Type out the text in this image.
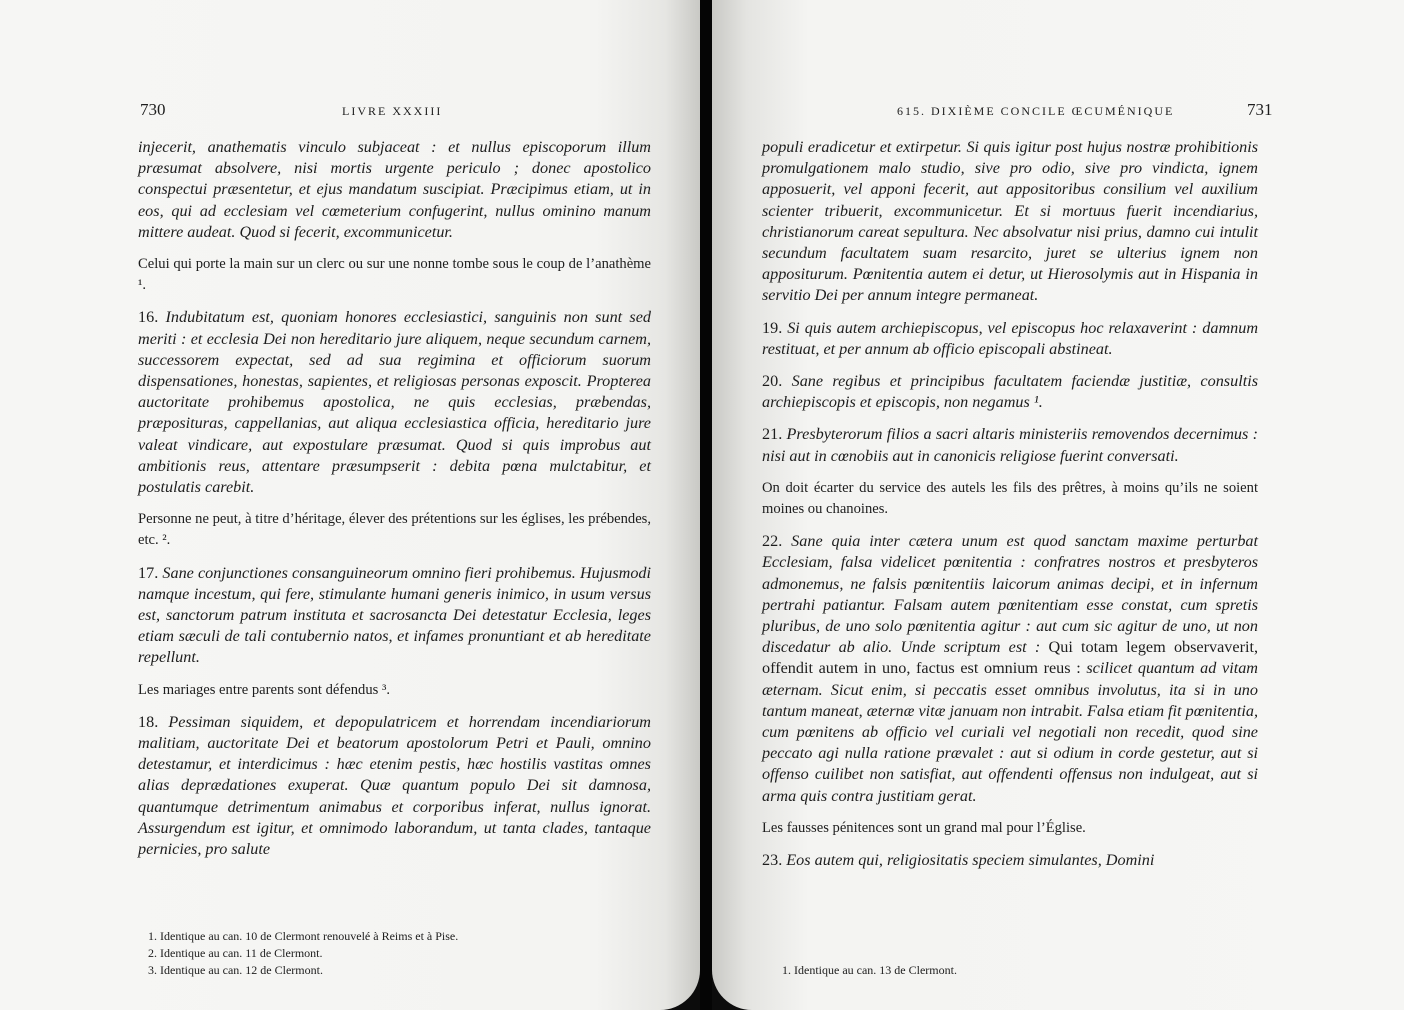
730	LIVRE XXXIII

injecerit, anathematis vinculo subjaceat : et nullus episcoporum illum præsumat absolvere, nisi mortis urgente periculo ; donec apostolico conspectui præsentetur, et ejus mandatum suscipiat. Præcipimus etiam, ut in eos, qui ad ecclesiam vel cœmeterium confugerint, nullus ominino manum mittere audeat. Quod si fecerit, excommunicetur.

Celui qui porte la main sur un clerc ou sur une nonne tombe sous le coup de l’anathème ¹.

16. Indubitatum est, quoniam honores ecclesiastici, sanguinis non sunt sed meriti : et ecclesia Dei non hereditario jure aliquem, neque secundum carnem, successorem expectat, sed ad sua regimina et officiorum suorum dispensationes, honestas, sapientes, et religiosas personas exposcit. Propterea auctoritate prohibemus apostolica, ne quis ecclesias, præbendas, præposituras, cappellanias, aut aliqua ecclesiastica officia, hereditario jure valeat vindicare, aut expostulare præsumat. Quod si quis improbus aut ambitionis reus, attentare præsumpserit : debita pœna mulctabitur, et postulatis carebit.

Personne ne peut, à titre d’héritage, élever des prétentions sur les églises, les prébendes, etc. ².

17. Sane conjunctiones consanguineorum omnino fieri prohibemus. Hujusmodi namque incestum, qui fere, stimulante humani generis inimico, in usum versus est, sanctorum patrum instituta et sacrosancta Dei detestatur Ecclesia, leges etiam sæculi de tali contubernio natos, et infames pronuntiant et ab hereditate repellunt.

Les mariages entre parents sont défendus ³.

18. Pessiman siquidem, et depopulatricem et horrendam incendiariorum malitiam, auctoritate Dei et beatorum apostolorum Petri et Pauli, omnino detestamur, et interdicimus : hæc etenim pestis, hæc hostilis vastitas omnes alias deprædationes exuperat. Quæ quantum populo Dei sit damnosa, quantumque detrimentum animabus et corporibus inferat, nullus ignorat. Assurgendum est igitur, et omnimodo laborandum, ut tanta clades, tantaque pernicies, pro salute

1. Identique au can. 10 de Clermont renouvelé à Reims et à Pise.
2. Identique au can. 11 de Clermont.
3. Identique au can. 12 de Clermont.
615. DIXIÈME CONCILE ŒCUMÉNIQUE	731

populi eradicetur et extirpetur. Si quis igitur post hujus nostræ prohibitionis promulgationem malo studio, sive pro odio, sive pro vindicta, ignem apposuerit, vel apponi fecerit, aut appositoribus consilium vel auxilium scienter tribuerit, excommunicetur. Et si mortuus fuerit incendiarius, christianorum careat sepultura. Nec absolvatur nisi prius, damno cui intulit secundum facultatem suam resarcito, juret se ulterius ignem non appositurum. Pœnitentia autem ei detur, ut Hierosolymis aut in Hispania in servitio Dei per annum integre permaneat.

19. Si quis autem archiepiscopus, vel episcopus hoc relaxaverint : damnum restituat, et per annum ab officio episcopali abstineat.

20. Sane regibus et principibus facultatem faciendæ justitiæ, consultis archiepiscopis et episcopis, non negamus ¹.

21. Presbyterorum filios a sacri altaris ministeriis removendos decernimus : nisi aut in cœnobiis aut in canonicis religiose fuerint conversati.

On doit écarter du service des autels les fils des prêtres, à moins qu’ils ne soient moines ou chanoines.

22. Sane quia inter cætera unum est quod sanctam maxime perturbat Ecclesiam, falsa videlicet pœnitentia : confratres nostros et presbyteros admonemus, ne falsis pœnitentiis laicorum animas decipi, et in infernum pertrahi patiantur. Falsam autem pœnitentiam esse constat, cum spretis pluribus, de uno solo pœnitentia agitur : aut cum sic agitur de uno, ut non discedatur ab alio. Unde scriptum est : Qui totam legem observaverit, offendit autem in uno, factus est omnium reus : scilicet quantum ad vitam æternam. Sicut enim, si peccatis esset omnibus involutus, ita si in uno tantum maneat, æternæ vitæ januam non intrabit. Falsa etiam fit pœnitentia, cum pœnitens ab officio vel curiali vel negotiali non recedit, quod sine peccato agi nulla ratione prævalet : aut si odium in corde gestetur, aut si offenso cuilibet non satisfiat, aut offendenti offensus non indulgeat, aut si arma quis contra justitiam gerat.

Les fausses pénitences sont un grand mal pour l’Église.

23. Eos autem qui, religiositatis speciem simulantes, Domini

1. Identique au can. 13 de Clermont.
